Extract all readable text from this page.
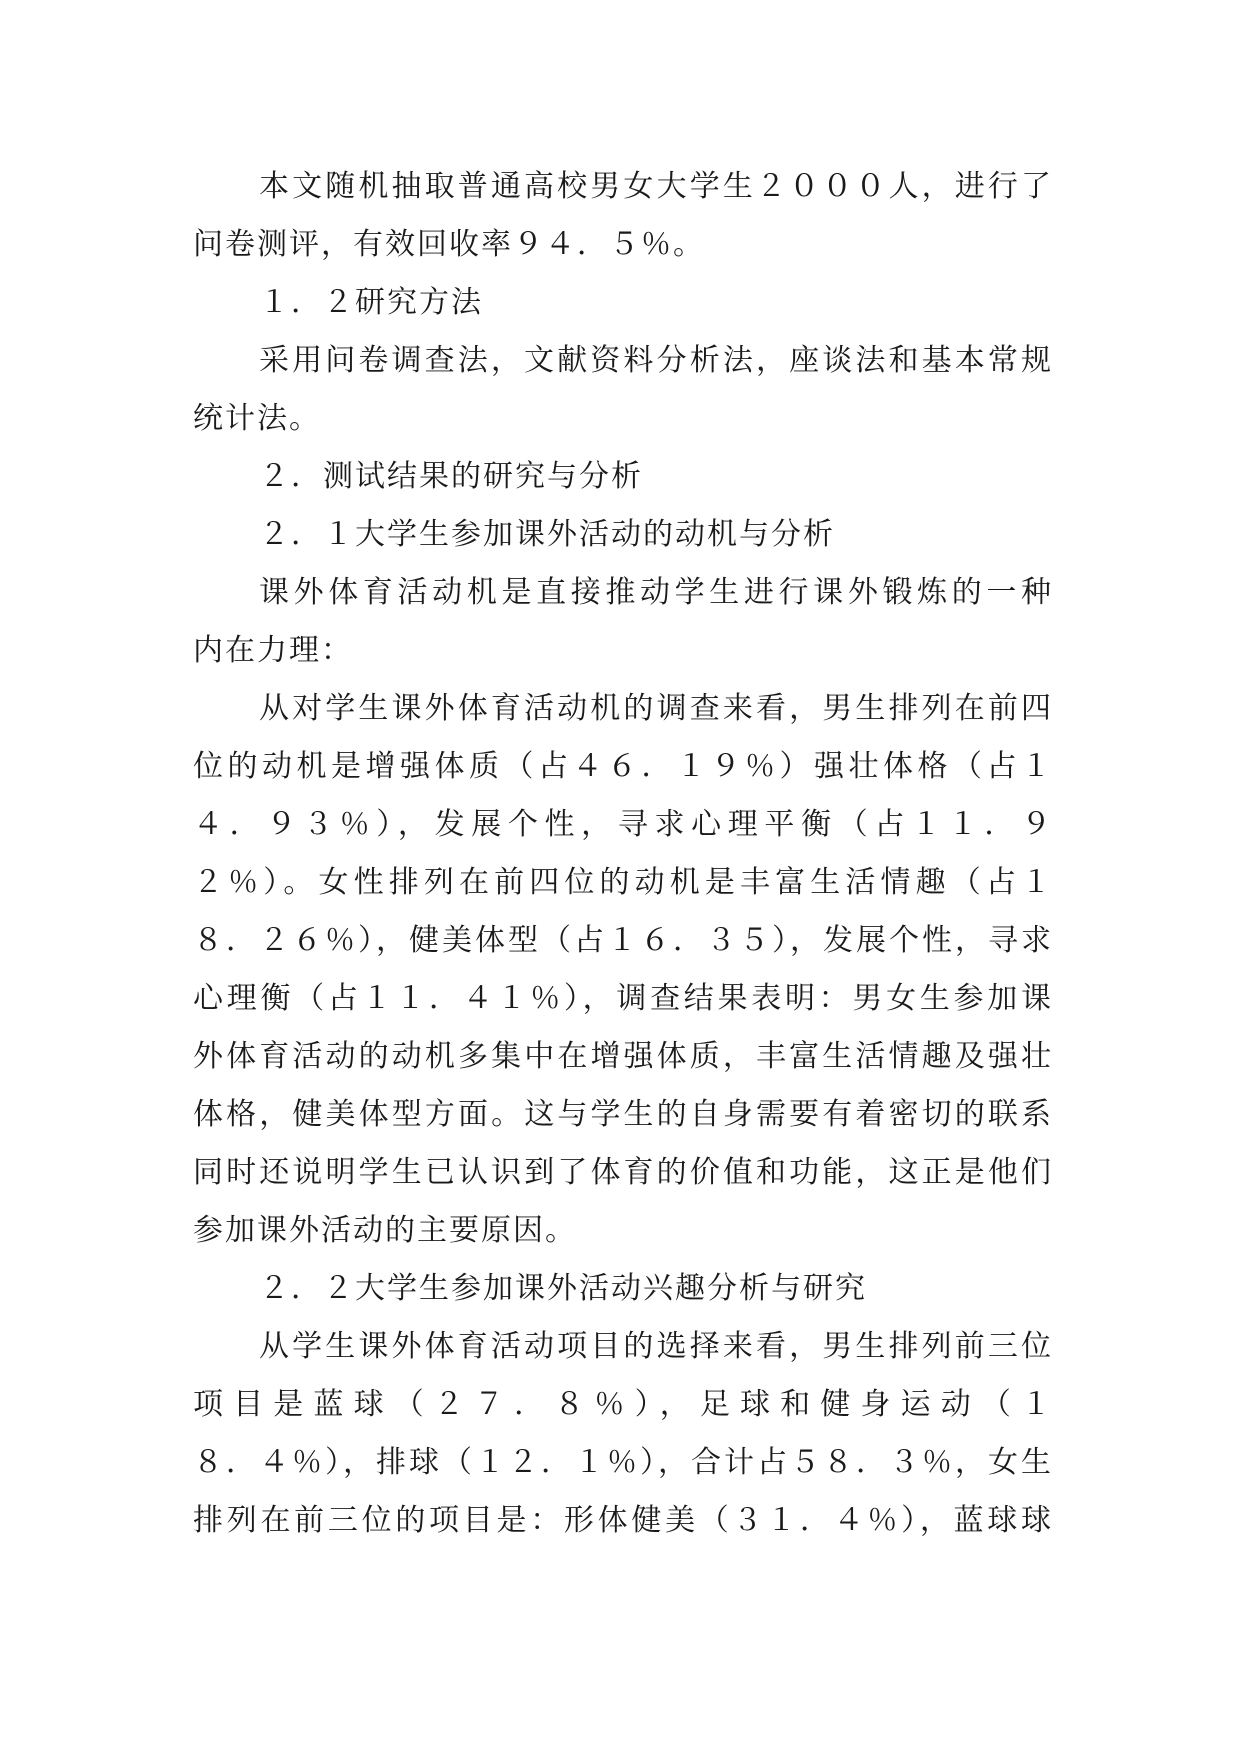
本文随机抽取普通高校男女大学生２０００人，进行了
问卷测评，有效回收率９４．５％。
１．２研究方法
采用问卷调查法，文献资料分析法，座谈法和基本常规
统计法。
２．测试结果的研究与分析
２．１大学生参加课外活动的动机与分析
课外体育活动机是直接推动学生进行课外锻炼的一种
内在力理：
从对学生课外体育活动机的调查来看，男生排列在前四
位的动机是增强体质（占４６．１９％）强壮体格（占１
４．９３％），发展个性，寻求心理平衡（占１１．９
２％）。女性排列在前四位的动机是丰富生活情趣（占１
８．２６％），健美体型（占１６．３５），发展个性，寻求
心理衡（占１１．４１％），调查结果表明：男女生参加课
外体育活动的动机多集中在增强体质，丰富生活情趣及强壮
体格，健美体型方面。这与学生的自身需要有着密切的联系
同时还说明学生已认识到了体育的价值和功能，这正是他们
参加课外活动的主要原因。
２．２大学生参加课外活动兴趣分析与研究
从学生课外体育活动项目的选择来看，男生排列前三位
项目是蓝球（２７．８％），足球和健身运动（１
８．４％），排球（１２．１％），合计占５８．３％，女生
排列在前三位的项目是：形体健美（３１．４％），蓝球球
